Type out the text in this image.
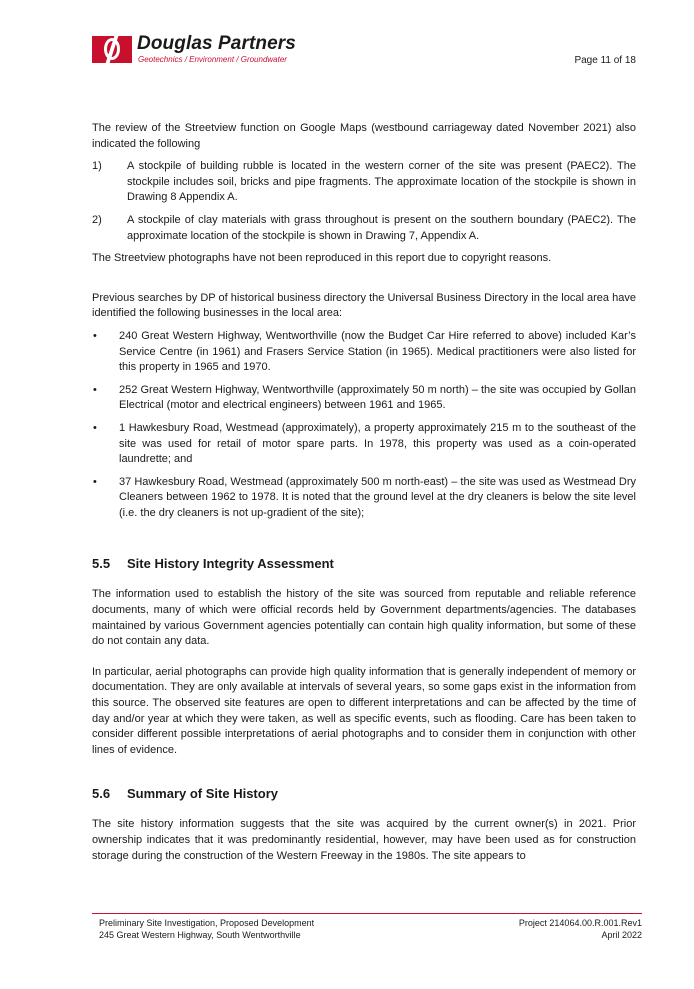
Douglas Partners
Geotechnics / Environment / Groundwater	Page 11 of 18

The review of the Streetview function on Google Maps (westbound carriageway dated November 2021) also indicated the following

1)	A stockpile of building rubble is located in the western corner of the site was present (PAEC2). The stockpile includes soil, bricks and pipe fragments. The approximate location of the stockpile is shown in Drawing 8 Appendix A.
2)	A stockpile of clay materials with grass throughout is present on the southern boundary (PAEC2). The approximate location of the stockpile is shown in Drawing 7, Appendix A.

The Streetview photographs have not been reproduced in this report due to copyright reasons.

Previous searches by DP of historical business directory the Universal Business Directory in the local area have identified the following businesses in the local area:

•	240 Great Western Highway, Wentworthville (now the Budget Car Hire referred to above) included Kar’s Service Centre (in 1961) and Frasers Service Station (in 1965). Medical practitioners were also listed for this property in 1965 and 1970.
•	252 Great Western Highway, Wentworthville (approximately 50 m north) – the site was occupied by Gollan Electrical (motor and electrical engineers) between 1961 and 1965.
•	1 Hawkesbury Road, Westmead (approximately), a property approximately 215 m to the southeast of the site was used for retail of motor spare parts. In 1978, this property was used as a coin-operated laundrette; and
•	37 Hawkesbury Road, Westmead (approximately 500 m north-east) – the site was used as Westmead Dry Cleaners between 1962 to 1978. It is noted that the ground level at the dry cleaners is below the site level (i.e. the dry cleaners is not up-gradient of the site);
5.5	Site History Integrity Assessment

The information used to establish the history of the site was sourced from reputable and reliable reference documents, many of which were official records held by Government departments/agencies. The databases maintained by various Government agencies potentially can contain high quality information, but some of these do not contain any data.

In particular, aerial photographs can provide high quality information that is generally independent of memory or documentation. They are only available at intervals of several years, so some gaps exist in the information from this source. The observed site features are open to different interpretations and can be affected by the time of day and/or year at which they were taken, as well as specific events, such as flooding. Care has been taken to consider different possible interpretations of aerial photographs and to consider them in conjunction with other lines of evidence.

5.6	Summary of Site History

The site history information suggests that the site was acquired by the current owner(s) in 2021. Prior ownership indicates that it was predominantly residential, however, may have been used as for construction storage during the construction of the Western Freeway in the 1980s. The site appears to

Preliminary Site Investigation, Proposed Development
245 Great Western Highway, South Wentworthville
Project 214064.00.R.001.Rev1
April 2022
